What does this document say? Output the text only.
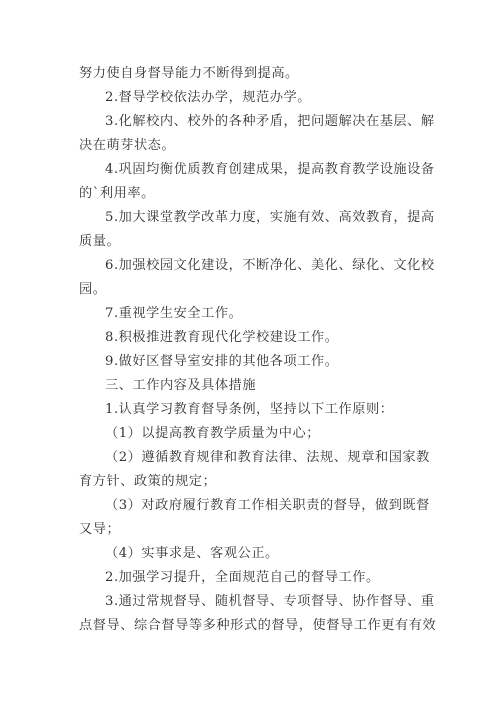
努力使自身督导能力不断得到提高。
2.督导学校依法办学，规范办学。
3.化解校内、校外的各种矛盾，把问题解决在基层、解
决在萌芽状态。
4.巩固均衡优质教育创建成果，提高教育教学设施设备
的`利用率。
5.加大课堂教学改革力度，实施有效、高效教育，提高
质量。
6.加强校园文化建设，不断净化、美化、绿化、文化校
园。
7.重视学生安全工作。
8.积极推进教育现代化学校建设工作。
9.做好区督导室安排的其他各项工作。
三、工作内容及具体措施
1.认真学习教育督导条例，坚持以下工作原则：
（1）以提高教育教学质量为中心；
（2）遵循教育规律和教育法律、法规、规章和国家教
育方针、政策的规定；
（3）对政府履行教育工作相关职责的督导，做到既督
又导；
（4）实事求是、客观公正。
2.加强学习提升，全面规范自己的督导工作。
3.通过常规督导、随机督导、专项督导、协作督导、重
点督导、综合督导等多种形式的督导，使督导工作更有有效
